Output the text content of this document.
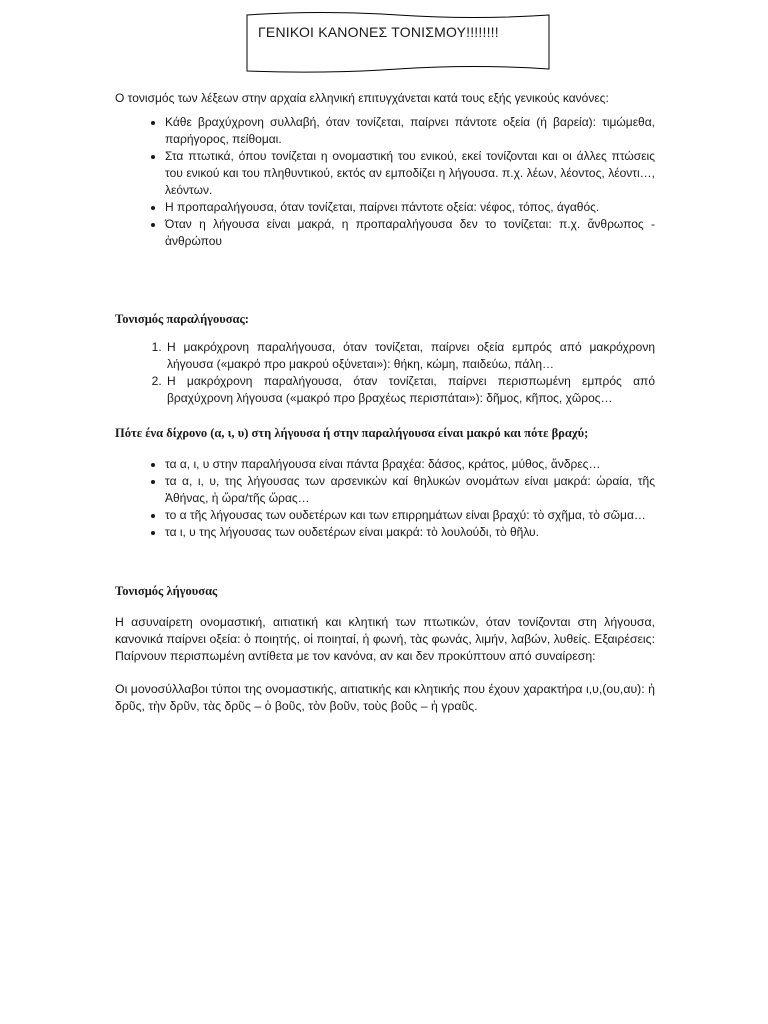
ΓΕΝΙΚΟΙ ΚΑΝΟΝΕΣ ΤΟΝΙΣΜΟΥ!!!!!!!!

Ο τονισμός των λέξεων στην αρχαία ελληνική επιτυγχάνεται κατά τους εξής γενικούς κανόνες:

• Κάθε βραχύχρονη συλλαβή, όταν τονίζεται, παίρνει πάντοτε οξεία (ή βαρεία): τιμώμεθα, παρήγορος, πείθομαι.
• Στα πτωτικά, όπου τονίζεται η ονομαστική του ενικού, εκεί τονίζονται και οι άλλες πτώσεις του ενικού και του πληθυντικού, εκτός αν εμποδίζει η λήγουσα. π.χ. λέων, λέοντος, λέοντι…, λεόντων.
• Η προπαραλήγουσα, όταν τονίζεται, παίρνει πάντοτε οξεία: νέφος, τόπος, άγαθός.
• Όταν η λήγουσα είναι μακρά, η προπαραλήγουσα δεν το τονίζεται: π.χ. ἄνθρωπος - ἀνθρώπου

Τονισμός παραλήγουσας:

1. Η μακρόχρονη παραλήγουσα, όταν τονίζεται, παίρνει οξεία εμπρός από μακρόχρονη λήγουσα («μακρό προ μακρού οξύνεται»): θήκη, κώμη, παιδεύω, πάλη…
2. Η μακρόχρονη παραλήγουσα, όταν τονίζεται, παίρνει περισπωμένη εμπρός από βραχύχρονη λήγουσα («μακρό προ βραχέως περισπάται»): δῆμος, κῆπος, χῶρος…

Πότε ένα δίχρονο (α, ι, υ) στη λήγουσα ή στην παραλήγουσα είναι μακρό και πότε βραχύ;

• τα α, ι, υ στην παραλήγουσα είναι πάντα βραχέα: δάσος, κράτος, μύθος, ἄνδρες…
• τα α, ι, υ, της λήγουσας των αρσενικών καί θηλυκών ονομάτων είναι μακρά: ὡραία, τῆς Ἀθήνας, ἡ ὥρα/τῆς ὥρας…
• το α τῆς λήγουσας των ουδετέρων και των επιρρημάτων είναι βραχύ: τὸ σχῆμα, τὸ σῶμα…
• τα ι, υ της λήγουσας των ουδετέρων είναι μακρά: τὸ λουλούδι, τὸ θῆλυ.

Τονισμός λήγουσας

Η ασυναίρετη ονομαστική, αιτιατική και κλητική των πτωτικών, όταν τονίζονται στη λήγουσα, κανονικά παίρνει οξεία: ὁ ποιητής, οἱ ποιηταί, ἡ φωνή, τὰς φωνάς, λιμήν, λαβών, λυθείς. Εξαιρέσεις: Παίρνουν περισπωμένη αντίθετα με τον κανόνα, αν και δεν προκύπτουν από συναίρεση:

Οι μονοσύλλαβοι τύποι της ονομαστικής, αιτιατικής και κλητικής που έχουν χαρακτήρα ι,υ,(ου,αυ): ἡ δρῦς, τὴν δρῦν, τὰς δρῦς – ὁ βοῦς, τὸν βοῦν, τοὺς βοῦς – ἡ γραῦς.
